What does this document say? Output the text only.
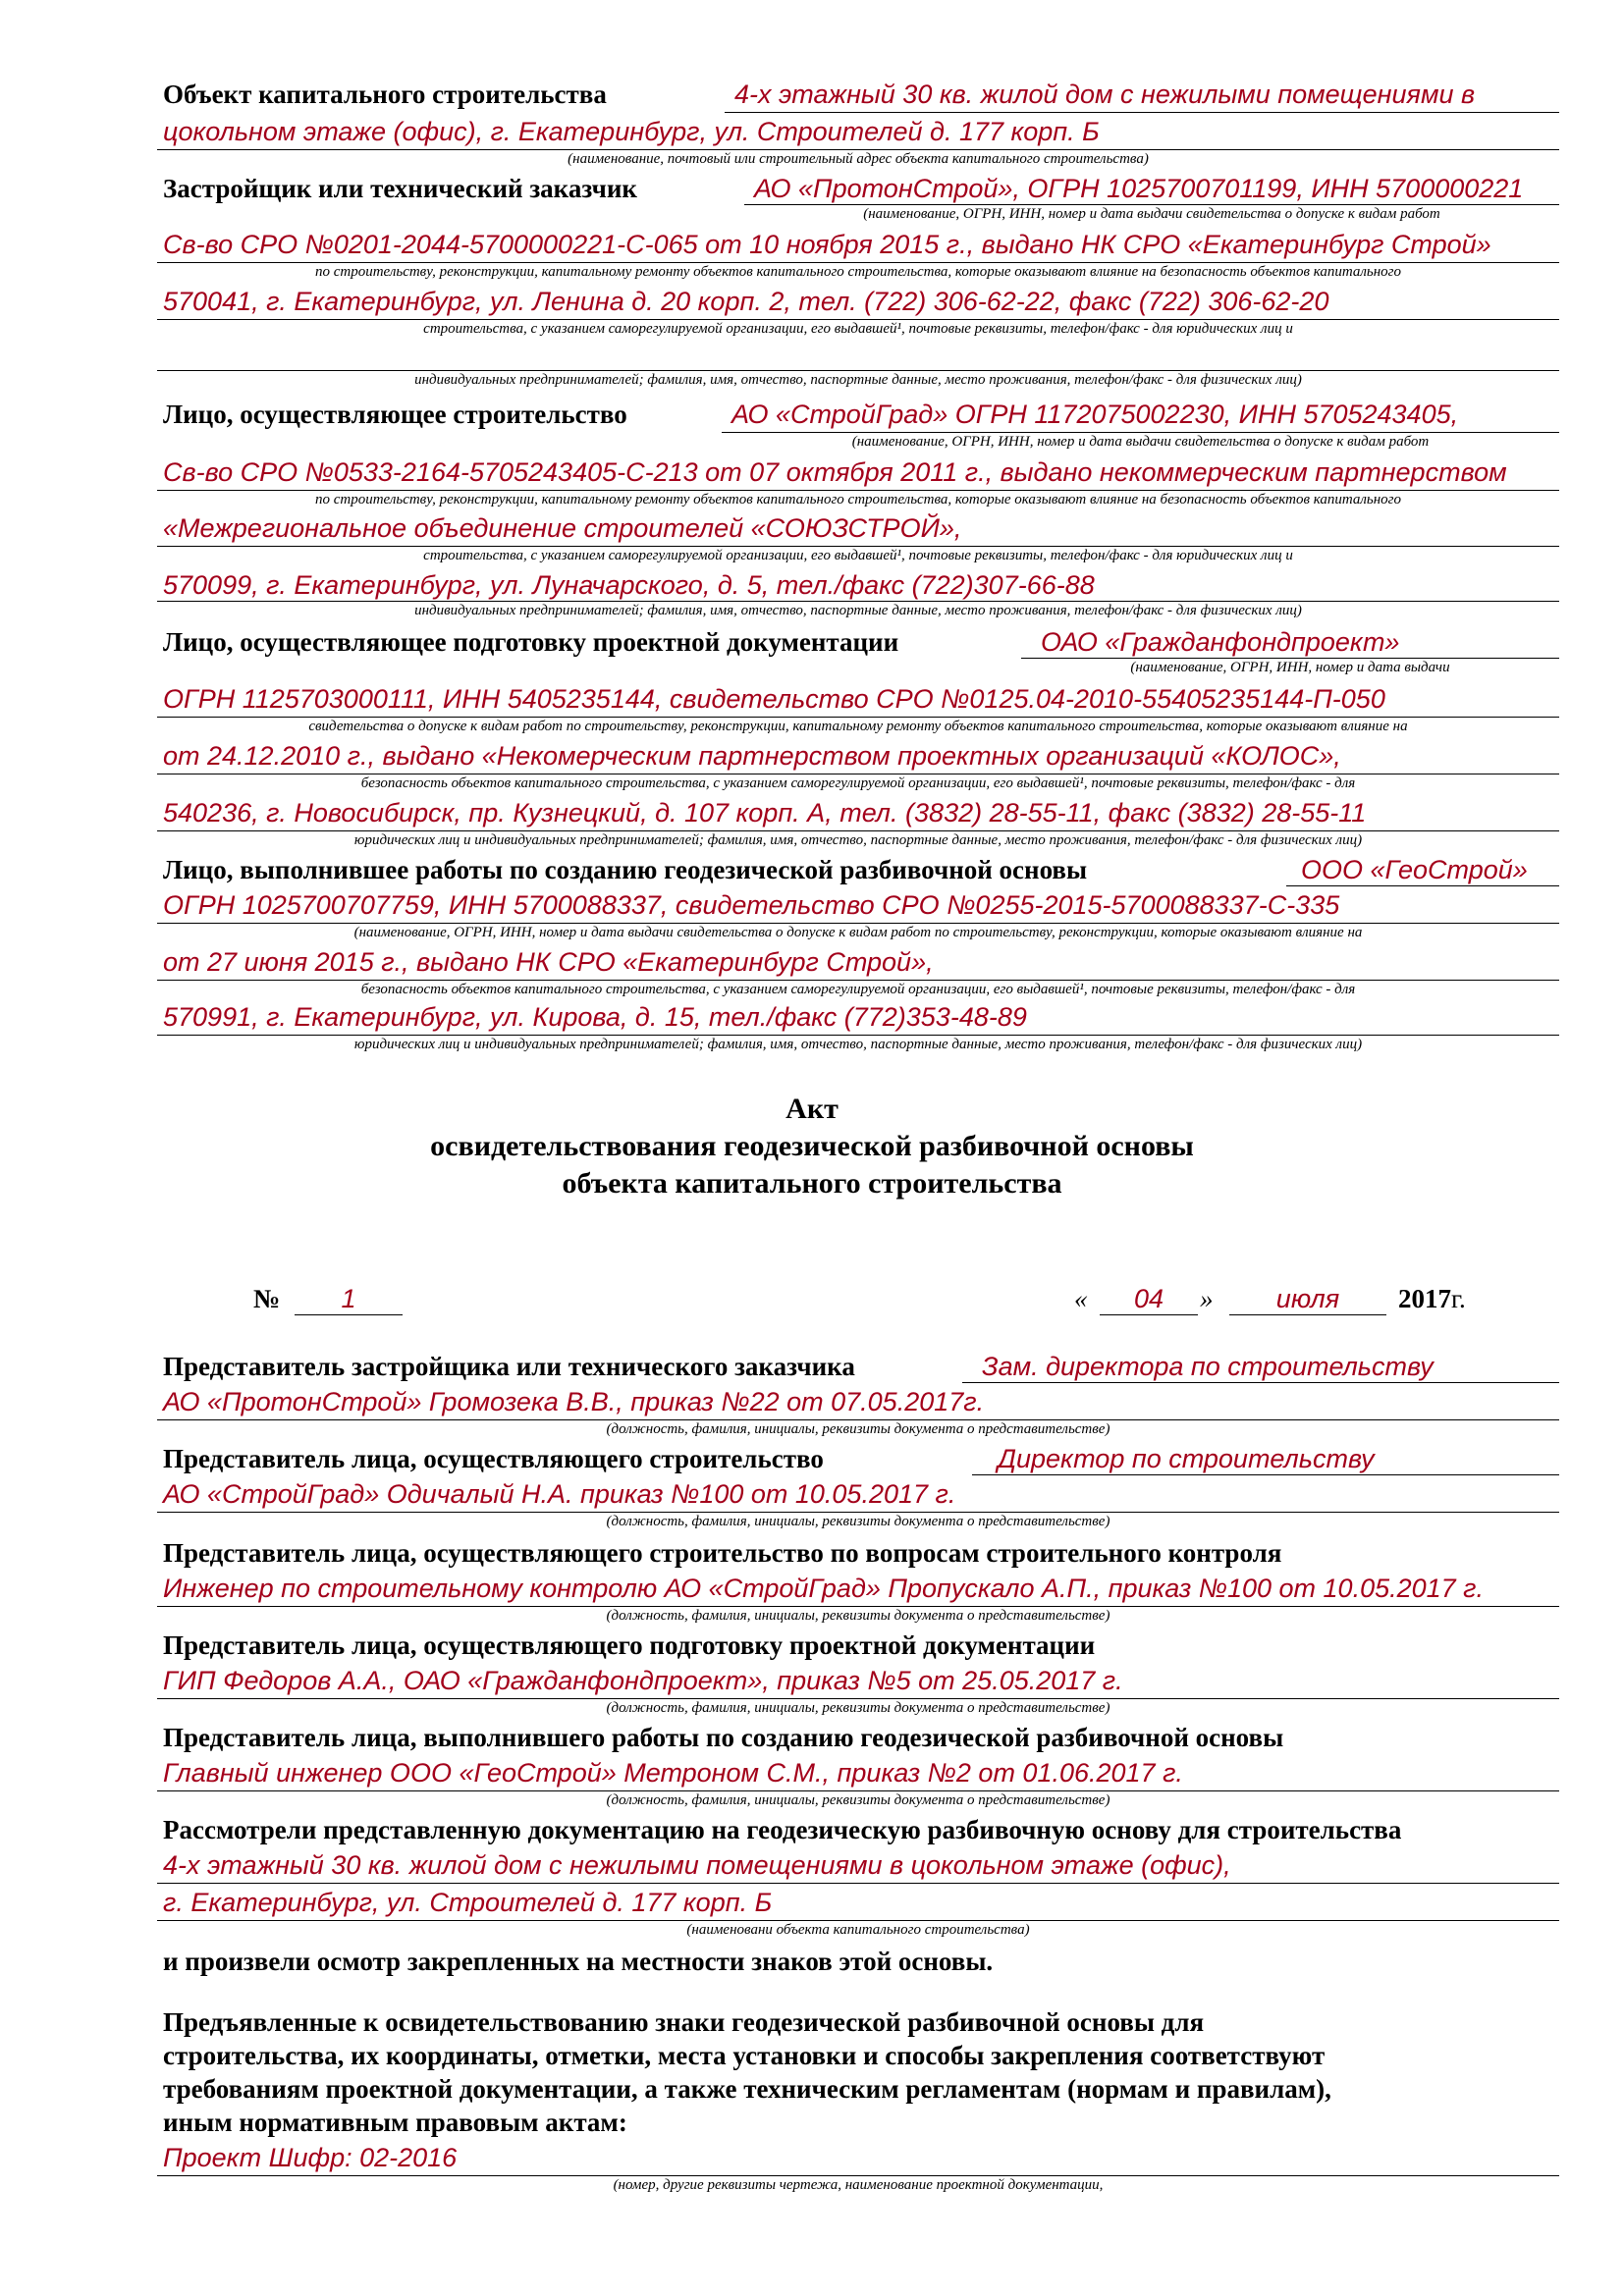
Объект капитального строительства	4-х этажный 30 кв. жилой дом с нежилыми помещениями в
цокольном этаже (офис), г. Екатеринбург, ул. Строителей д. 177 корп. Б
(наименование, почтовый или строительный адрес объекта капитального строительства)
Застройщик или технический заказчик	АО «ПротонСтрой», ОГРН 1025700701199, ИНН 5700000221
(наименование, ОГРН, ИНН, номер и дата выдачи свидетельства о допуске к видам работ
Св-во СРО №0201-2044-5700000221-С-065 от 10 ноября 2015 г., выдано НК СРО «Екатеринбург Строй»
по строительству, реконструкции, капитальному ремонту объектов капитального строительства, которые оказывают влияние на безопасность объектов капитального
570041, г. Екатеринбург, ул. Ленина д. 20 корп. 2, тел. (722) 306-62-22, факс (722) 306-62-20
строительства, с указанием саморегулируемой организации, его выдавшей¹, почтовые реквизиты, телефон/факс - для юридических лиц и
индивидуальных предпринимателей; фамилия, имя, отчество, паспортные данные, место проживания, телефон/факс - для физических лиц)
Лицо, осуществляющее строительство	АО «СтройГрад» ОГРН 1172075002230, ИНН 5705243405,
(наименование, ОГРН, ИНН, номер и дата выдачи свидетельства о допуске к видам работ
Св-во СРО №0533-2164-5705243405-С-213 от 07 октября 2011 г., выдано некоммерческим партнерством
по строительству, реконструкции, капитальному ремонту объектов капитального строительства, которые оказывают влияние на безопасность объектов капитального
«Межрегиональное объединение строителей «СОЮЗСТРОЙ»,
строительства, с указанием саморегулируемой организации, его выдавшей¹, почтовые реквизиты, телефон/факс - для юридических лиц и
570099, г. Екатеринбург, ул. Луначарского, д. 5, тел./факс (722)307-66-88
индивидуальных предпринимателей; фамилия, имя, отчество, паспортные данные, место проживания, телефон/факс - для физических лиц)
Лицо, осуществляющее подготовку проектной документации	ОАО «Гражданфондпроект»
(наименование, ОГРН, ИНН, номер и дата выдачи
ОГРН 1125703000111, ИНН 5405235144, свидетельство СРО №0125.04-2010-55405235144-П-050
свидетельства о допуске к видам работ по строительству, реконструкции, капитальному ремонту объектов капитального строительства, которые оказывают влияние на
от 24.12.2010 г., выдано «Некомерческим партнерством проектных организаций «КОЛОС»,
безопасность объектов капитального строительства, с указанием саморегулируемой организации, его выдавшей¹, почтовые реквизиты, телефон/факс - для
540236, г. Новосибирск, пр. Кузнецкий, д. 107 корп. А, тел. (3832) 28-55-11, факс (3832) 28-55-11
юридических лиц и индивидуальных предпринимателей; фамилия, имя, отчество, паспортные данные, место проживания, телефон/факс - для физических лиц)
Лицо, выполнившее работы по созданию геодезической разбивочной основы	ООО «ГеоСтрой»
ОГРН 1025700707759, ИНН 5700088337, свидетельство СРО №0255-2015-5700088337-С-335
(наименование, ОГРН, ИНН, номер и дата выдачи свидетельства о допуске к видам работ по строительству, реконструкции, которые оказывают влияние на
от 27 июня 2015 г., выдано НК СРО «Екатеринбург Строй»,
безопасность объектов капитального строительства, с указанием саморегулируемой организации, его выдавшей¹, почтовые реквизиты, телефон/факс - для
570991, г. Екатеринбург, ул. Кирова, д. 15, тел./факс (772)353-48-89
юридических лиц и индивидуальных предпринимателей; фамилия, имя, отчество, паспортные данные, место проживания, телефон/факс - для физических лиц)
Акт
освидетельствования геодезической разбивочной основы
объекта капитального строительства
№	1	«	04	»	июля	2017г.
Представитель застройщика или технического заказчика	Зам. директора по строительству
АО «ПротонСтрой» Громозека В.В., приказ №22 от 07.05.2017г.
(должность, фамилия, инициалы, реквизиты документа о представительстве)
Представитель лица, осуществляющего строительство	Директор по строительству
АО «СтройГрад» Одичалый Н.А. приказ №100 от 10.05.2017 г.
(должность, фамилия, инициалы, реквизиты документа о представительстве)
Представитель лица, осуществляющего строительство по вопросам строительного контроля
Инженер по строительному контролю АО «СтройГрад» Пропускало А.П., приказ №100 от 10.05.2017 г.
(должность, фамилия, инициалы, реквизиты документа о представительстве)
Представитель лица, осуществляющего подготовку проектной документации
ГИП Федоров А.А., ОАО «Гражданфондпроект», приказ №5 от 25.05.2017 г.
(должность, фамилия, инициалы, реквизиты документа о представительстве)
Представитель лица, выполнившего работы по созданию геодезической разбивочной основы
Главный инженер ООО «ГеоСтрой» Метроном С.М., приказ №2 от 01.06.2017 г.
(должность, фамилия, инициалы, реквизиты документа о представительстве)
Рассмотрели представленную документацию на геодезическую разбивочную основу для строительства
4-х этажный 30 кв. жилой дом с нежилыми помещениями в цокольном этаже (офис),
г. Екатеринбург, ул. Строителей д. 177 корп. Б
(наименовани объекта капитального строительства)
и произвели осмотр закрепленных на местности знаков этой основы.
Предъявленные к освидетельствованию знаки геодезической разбивочной основы для
строительства, их координаты, отметки, места установки и способы закрепления соответствуют
требованиям проектной документации, а также техническим регламентам (нормам и правилам),
иным нормативным правовым актам:
Проект Шифр: 02-2016
(номер, другие реквизиты чертежа, наименование проектной документации,
